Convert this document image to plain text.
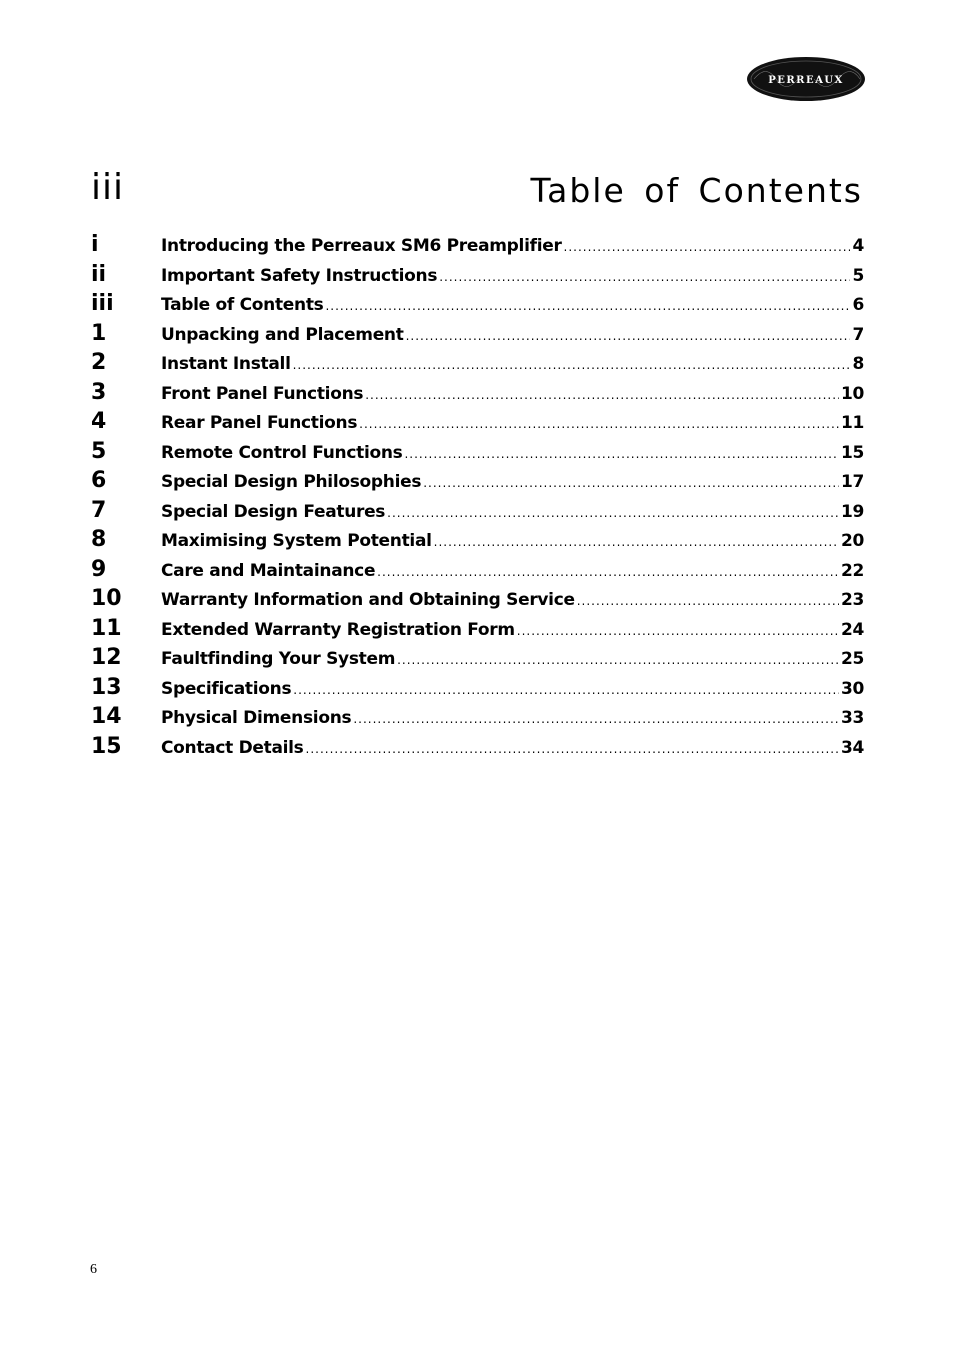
PERREAUX
iii	Table of Contents
i	Introducing the Perreaux SM6 Preamplifier .....	4
ii	Important Safety Instructions .....	5
iii	Table of Contents .....	6
1	Unpacking and Placement .....	7
2	Instant Install .....	8
3	Front Panel Functions .....	10
4	Rear Panel Functions .....	11
5	Remote Control Functions .....	15
6	Special Design Philosophies .....	17
7	Special Design Features .....	19
8	Maximising System Potential .....	20
9	Care and Maintainance .....	22
10	Warranty Information and Obtaining Service .....	23
11	Extended Warranty Registration Form .....	24
12	Faultfinding Your System .....	25
13	Specifications .....	30
14	Physical Dimensions .....	33
15	Contact Details .....	34
6
